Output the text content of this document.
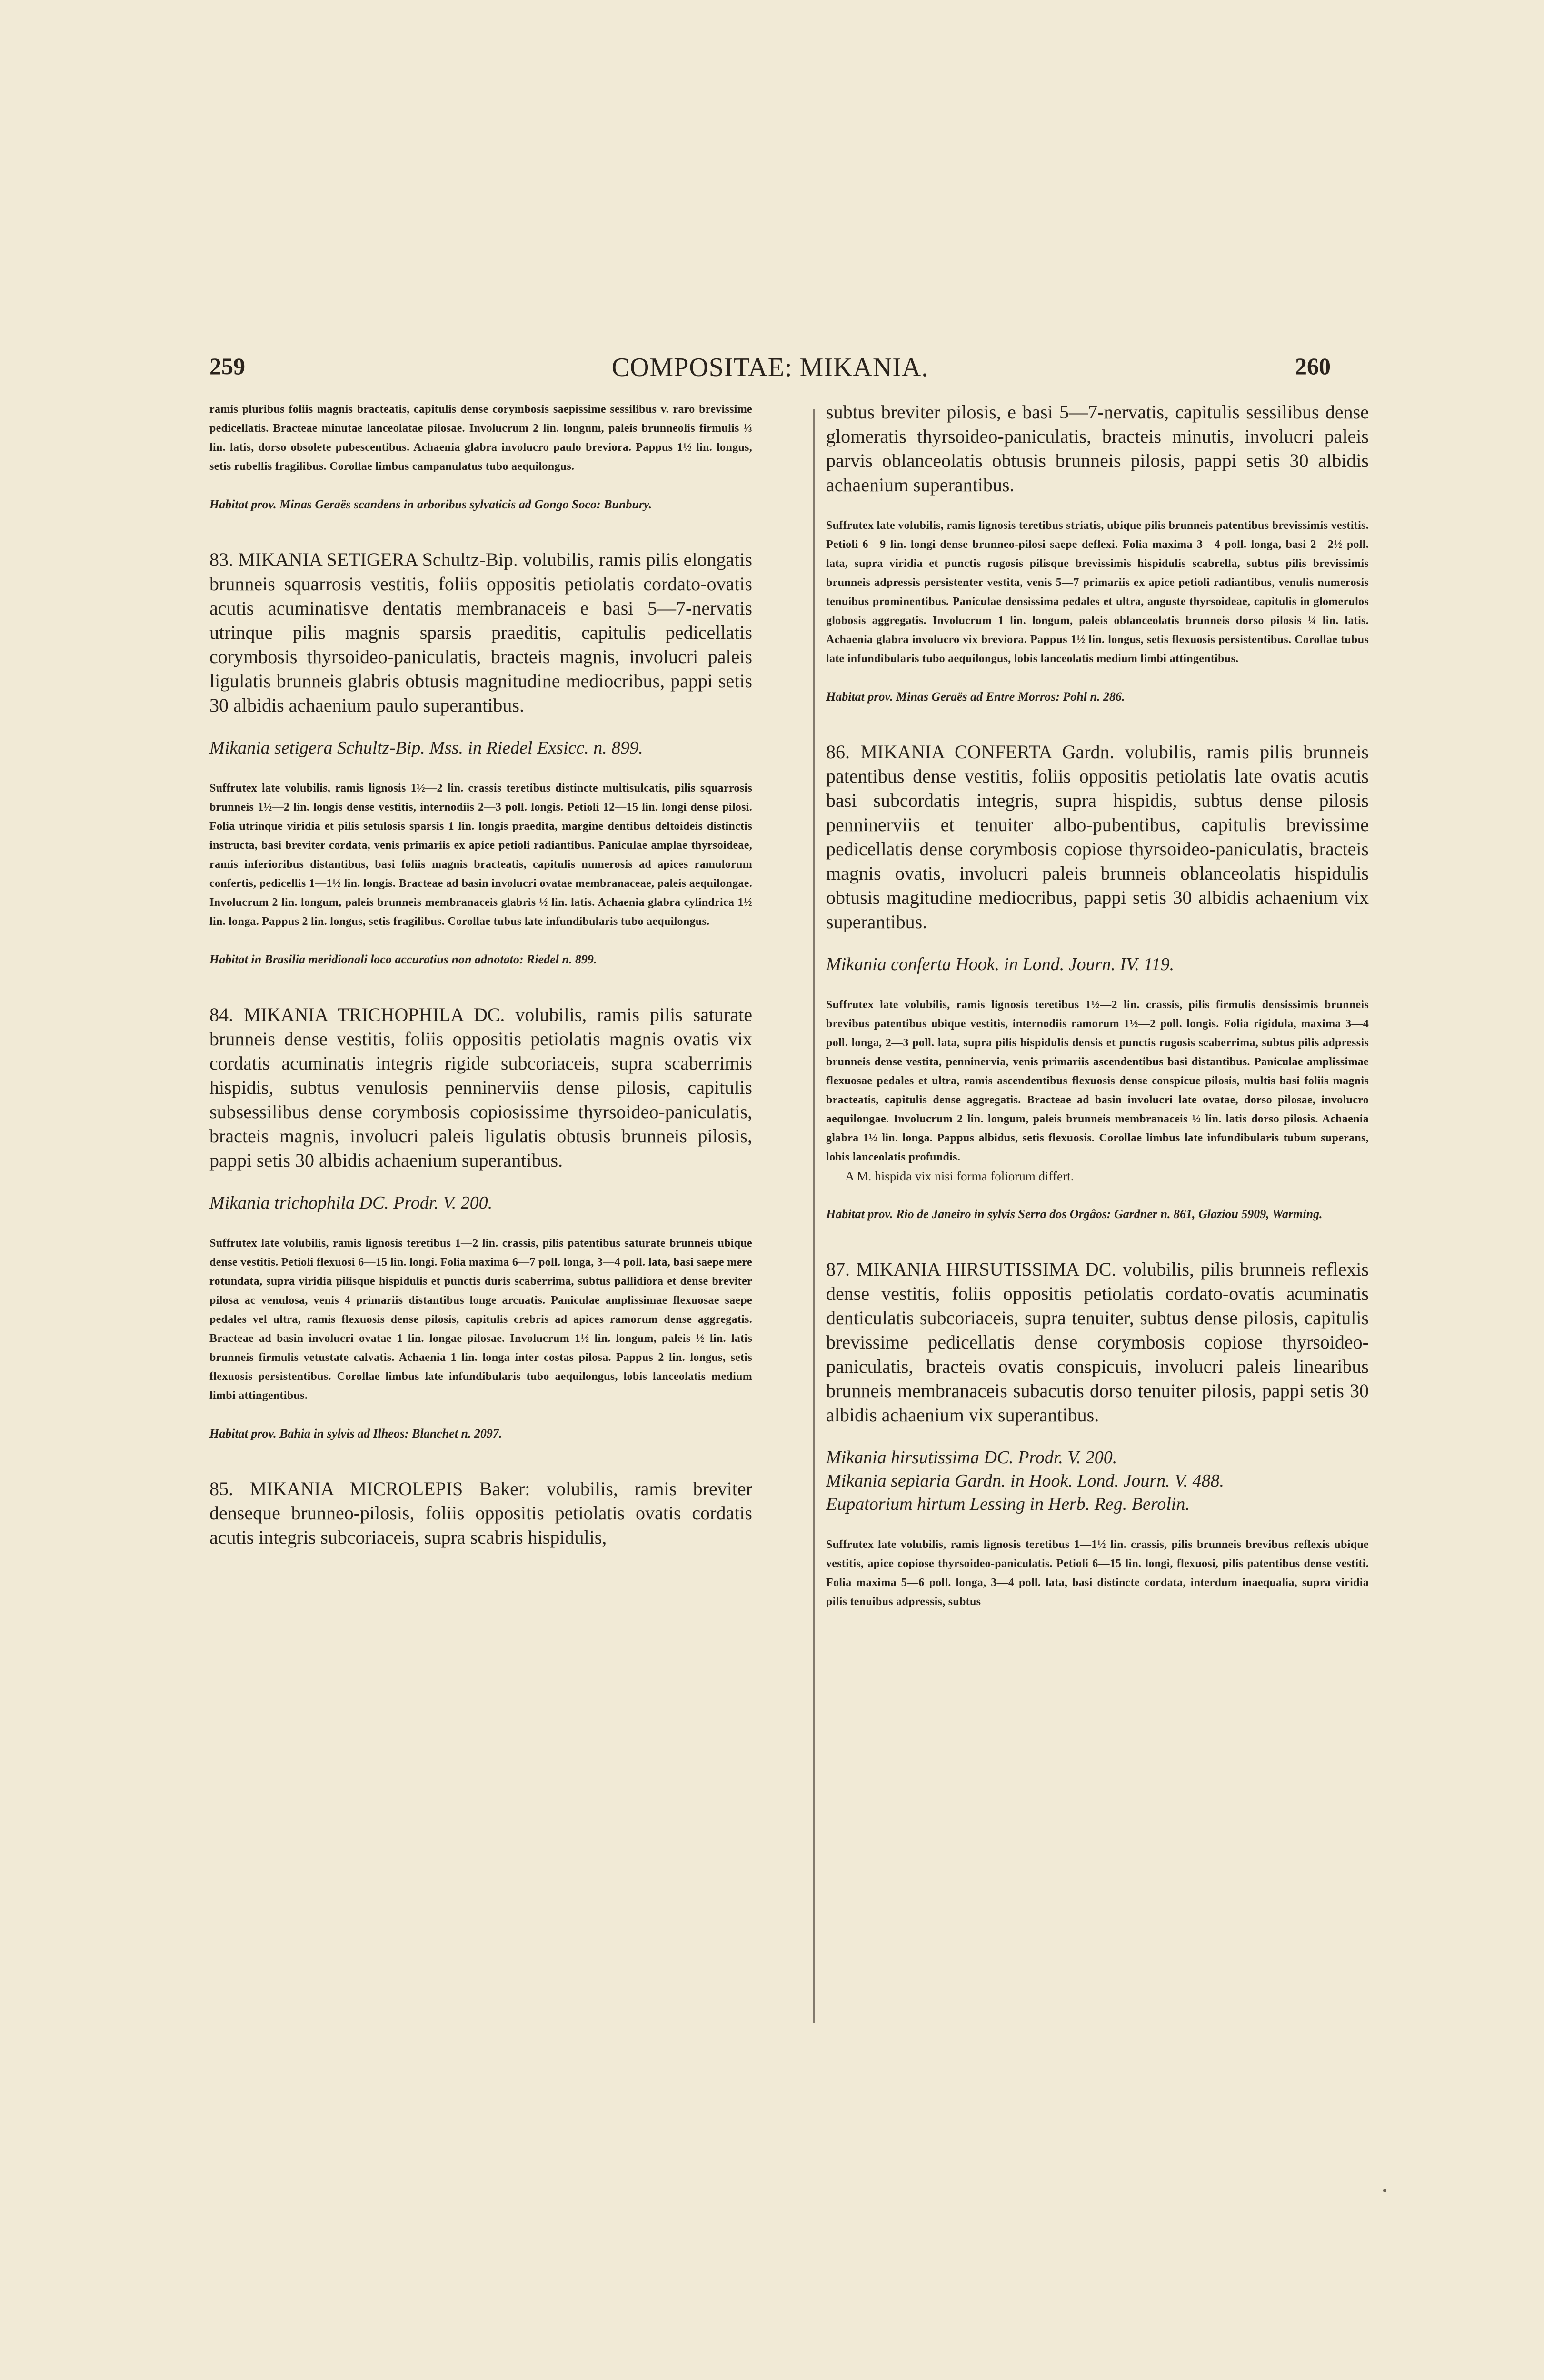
259	COMPOSITAE: MIKANIA.	260

ramis pluribus foliis magnis bracteatis, capitulis dense corymbosis saepissime sessilibus v. raro brevissime pedicellatis. Bracteae minutae lanceolatae pilosae. Involucrum 2 lin. longum, paleis brunneolis firmulis ⅓ lin. latis, dorso obsolete pubescentibus. Achaenia glabra involucro paulo breviora. Pappus 1½ lin. longus, setis rubellis fragilibus. Corollae limbus campanulatus tubo aequilongus.

Habitat prov. Minas Geraës scandens in arboribus sylvaticis ad Gongo Soco: Bunbury.

83. MIKANIA SETIGERA Schultz-Bip. volubilis, ramis pilis elongatis brunneis squarrosis vestitis, foliis oppositis petiolatis cordato-ovatis acutis acuminatisve dentatis membranaceis e basi 5—7-nervatis utrinque pilis magnis sparsis praeditis, capitulis pedicellatis corymbosis thyrsoideo-paniculatis, bracteis magnis, involucri paleis ligulatis brunneis glabris obtusis magnitudine mediocribus, pappi setis 30 albidis achaenium paulo superantibus.

Mikania setigera Schultz-Bip. Mss. in Riedel Exsicc. n. 899.

Suffrutex late volubilis, ramis lignosis 1½—2 lin. crassis teretibus distincte multisulcatis, pilis squarrosis brunneis 1½—2 lin. longis dense vestitis, internodiis 2—3 poll. longis. Petioli 12—15 lin. longi dense pilosi. Folia utrinque viridia et pilis setulosis sparsis 1 lin. longis praedita, margine dentibus deltoideis distinctis instructa, basi breviter cordata, venis primariis ex apice petioli radiantibus. Paniculae amplae thyrsoideae, ramis inferioribus distantibus, basi foliis magnis bracteatis, capitulis numerosis ad apices ramulorum confertis, pedicellis 1—1½ lin. longis. Bracteae ad basin involucri ovatae membranaceae, paleis aequilongae. Involucrum 2 lin. longum, paleis brunneis membranaceis glabris ½ lin. latis. Achaenia glabra cylindrica 1½ lin. longa. Pappus 2 lin. longus, setis fragilibus. Corollae tubus late infundibularis tubo aequilongus.

Habitat in Brasilia meridionali loco accuratius non adnotato: Riedel n. 899.

84. MIKANIA TRICHOPHILA DC. volubilis, ramis pilis saturate brunneis dense vestitis, foliis oppositis petiolatis magnis ovatis vix cordatis acuminatis integris rigide subcoriaceis, supra scaberrimis hispidis, subtus venulosis penninerviis dense pilosis, capitulis subsessilibus dense corymbosis copiosissime thyrsoideo-paniculatis, bracteis magnis, involucri paleis ligulatis obtusis brunneis pilosis, pappi setis 30 albidis achaenium superantibus.

Mikania trichophila DC. Prodr. V. 200.

Suffrutex late volubilis, ramis lignosis teretibus 1—2 lin. crassis, pilis patentibus saturate brunneis ubique dense vestitis. Petioli flexuosi 6—15 lin. longi. Folia maxima 6—7 poll. longa, 3—4 poll. lata, basi saepe mere rotundata, supra viridia pilisque hispidulis et punctis duris scaberrima, subtus pallidiora et dense breviter pilosa ac venulosa, venis 4 primariis distantibus longe arcuatis. Paniculae amplissimae flexuosae saepe pedales vel ultra, ramis flexuosis dense pilosis, capitulis crebris ad apices ramorum dense aggregatis. Bracteae ad basin involucri ovatae 1 lin. longae pilosae. Involucrum 1½ lin. longum, paleis ½ lin. latis brunneis firmulis vetustate calvatis. Achaenia 1 lin. longa inter costas pilosa. Pappus 2 lin. longus, setis flexuosis persistentibus. Corollae limbus late infundibularis tubo aequilongus, lobis lanceolatis medium limbi attingentibus.

Habitat prov. Bahia in sylvis ad Ilheos: Blanchet n. 2097.

85. MIKANIA MICROLEPIS Baker: volubilis, ramis breviter denseque brunneo-pilosis, foliis oppositis petiolatis ovatis cordatis acutis integris subcoriaceis, supra scabris hispidulis,

subtus breviter pilosis, e basi 5—7-nervatis, capitulis sessilibus dense glomeratis thyrsoideo-paniculatis, bracteis minutis, involucri paleis parvis oblanceolatis obtusis brunneis pilosis, pappi setis 30 albidis achaenium superantibus.

Suffrutex late volubilis, ramis lignosis teretibus striatis, ubique pilis brunneis patentibus brevissimis vestitis. Petioli 6—9 lin. longi dense brunneo-pilosi saepe deflexi. Folia maxima 3—4 poll. longa, basi 2—2½ poll. lata, supra viridia et punctis rugosis pilisque brevissimis hispidulis scabrella, subtus pilis brevissimis brunneis adpressis persistenter vestita, venis 5—7 primariis ex apice petioli radiantibus, venulis numerosis tenuibus prominentibus. Paniculae densissima pedales et ultra, anguste thyrsoideae, capitulis in glomerulos globosis aggregatis. Involucrum 1 lin. longum, paleis oblanceolatis brunneis dorso pilosis ¼ lin. latis. Achaenia glabra involucro vix breviora. Pappus 1½ lin. longus, setis flexuosis persistentibus. Corollae tubus late infundibularis tubo aequilongus, lobis lanceolatis medium limbi attingentibus.

Habitat prov. Minas Geraës ad Entre Morros: Pohl n. 286.

86. MIKANIA CONFERTA Gardn. volubilis, ramis pilis brunneis patentibus dense vestitis, foliis oppositis petiolatis late ovatis acutis basi subcordatis integris, supra hispidis, subtus dense pilosis penninerviis et tenuiter albo-pubentibus, capitulis brevissime pedicellatis dense corymbosis copiose thyrsoideo-paniculatis, bracteis magnis ovatis, involucri paleis brunneis oblanceolatis hispidulis obtusis magitudine mediocribus, pappi setis 30 albidis achaenium vix superantibus.

Mikania conferta Hook. in Lond. Journ. IV. 119.

Suffrutex late volubilis, ramis lignosis teretibus 1½—2 lin. crassis, pilis firmulis densissimis brunneis brevibus patentibus ubique vestitis, internodiis ramorum 1½—2 poll. longis. Folia rigidula, maxima 3—4 poll. longa, 2—3 poll. lata, supra pilis hispidulis densis et punctis rugosis scaberrima, subtus pilis adpressis brunneis dense vestita, penninervia, venis primariis ascendentibus basi distantibus. Paniculae amplissimae flexuosae pedales et ultra, ramis ascendentibus flexuosis dense conspicue pilosis, multis basi foliis magnis bracteatis, capitulis dense aggregatis. Bracteae ad basin involucri late ovatae, dorso pilosae, involucro aequilongae. Involucrum 2 lin. longum, paleis brunneis membranaceis ½ lin. latis dorso pilosis. Achaenia glabra 1½ lin. longa. Pappus albidus, setis flexuosis. Corollae limbus late infundibularis tubum superans, lobis lanceolatis profundis.

A M. hispida vix nisi forma foliorum differt.

Habitat prov. Rio de Janeiro in sylvis Serra dos Orgâos: Gardner n. 861, Glaziou 5909, Warming.

87. MIKANIA HIRSUTISSIMA DC. volubilis, pilis brunneis reflexis dense vestitis, foliis oppositis petiolatis cordato-ovatis acuminatis denticulatis subcoriaceis, supra tenuiter, subtus dense pilosis, capitulis brevissime pedicellatis dense corymbosis copiose thyrsoideo-paniculatis, bracteis ovatis conspicuis, involucri paleis linearibus brunneis membranaceis subacutis dorso tenuiter pilosis, pappi setis 30 albidis achaenium vix superantibus.

Mikania hirsutissima DC. Prodr. V. 200.

Mikania sepiaria Gardn. in Hook. Lond. Journ. V. 488.

Eupatorium hirtum Lessing in Herb. Reg. Berolin.

Suffrutex late volubilis, ramis lignosis teretibus 1—1½ lin. crassis, pilis brunneis brevibus reflexis ubique vestitis, apice copiose thyrsoideo-paniculatis. Petioli 6—15 lin. longi, flexuosi, pilis patentibus dense vestiti. Folia maxima 5—6 poll. longa, 3—4 poll. lata, basi distincte cordata, interdum inaequalia, supra viridia pilis tenuibus adpressis, subtus
